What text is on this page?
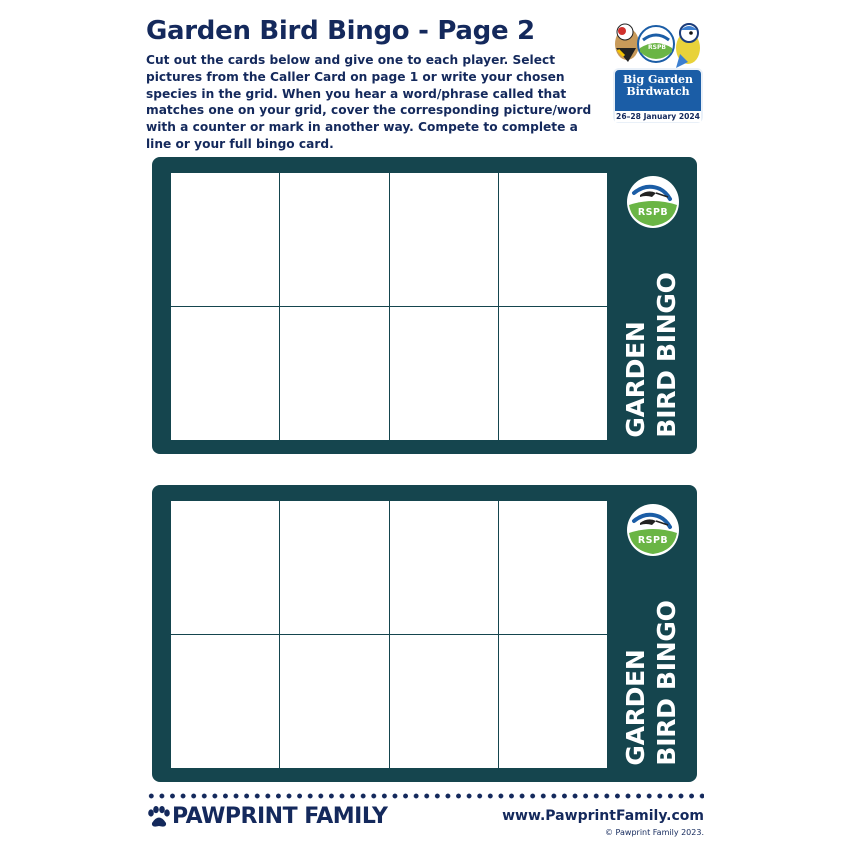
Garden Bird Bingo - Page 2
Cut out the cards below and give one to each player. Select pictures from the Caller Card on page 1 or write your chosen species in the grid. When you hear a word/phrase called that matches one on your grid, cover the corresponding picture/word with a counter or mark in another way. Compete to complete a line or your full bingo card.
RSPB
Big Garden
Birdwatch
26–28 January 2024
RSPB
GARDEN BIRD BINGO
RSPB
GARDEN BIRD BINGO
PAWPRINT FAMILY	www.PawprintFamily.com
© Pawprint Family 2023.
